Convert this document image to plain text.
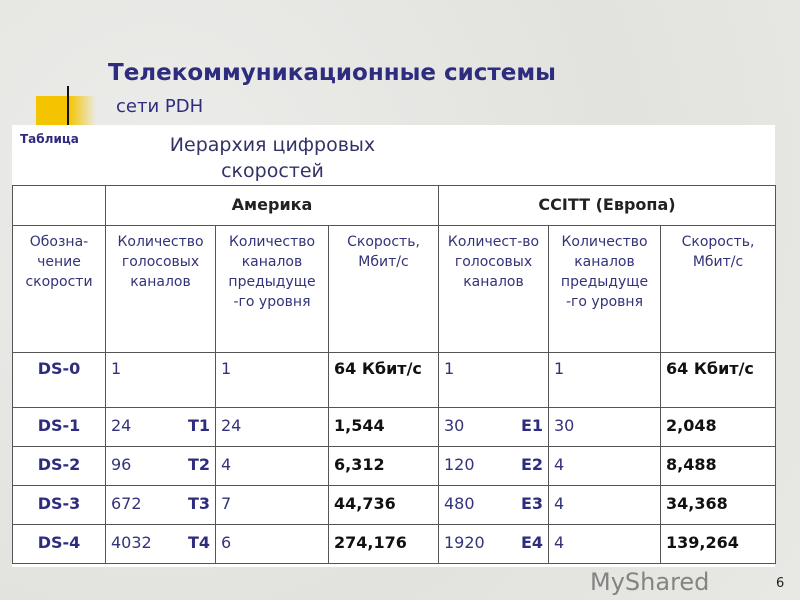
Телекоммуникационные системы
сети PDH
Таблица	Иерархия цифровых скоростей
	Америка			CCITT (Европа)		
Обозна-чение скорости	Количество голосовых каналов	Количество каналов предыдуще -го уровня	Скорость, Мбит/с	Количест-во голосовых каналов	Количество каналов предыдуще -го уровня	Скорость, Мбит/с
DS-0	1	1	64 Кбит/с	1	1	64 Кбит/с
DS-1	24 T1	24	1,544	30 E1	30	2,048
DS-2	96 T2	4	6,312	120 E2	4	8,488
DS-3	672 T3	7	44,736	480 E3	4	34,368
DS-4	4032 T4	6	274,176	1920 E4	4	139,264
MyShared	6
